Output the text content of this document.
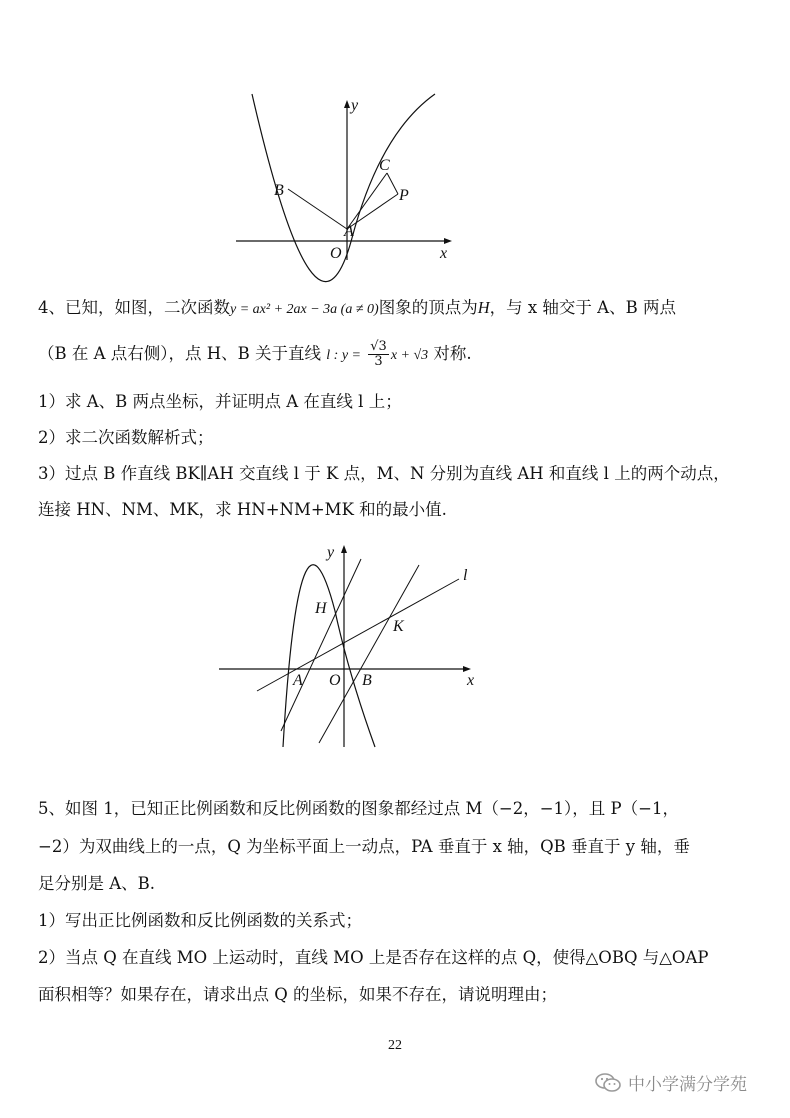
y
x
O
A
B
C
P

4、已知，如图，二次函数y = ax² + 2ax − 3a (a ≠ 0)图象的顶点为H，与 x 轴交于 A、B 两点

（B 在 A 点右侧），点 H、B 关于直线 l : $y = \frac{√3}{3}$ x + √3 对称.

1）求 A、B 两点坐标，并证明点 A 在直线 l 上；

2）求二次函数解析式；

3）过点 B 作直线 BK∥AH 交直线 l 于 K 点，M、N 分别为直线 AH 和直线 l 上的两个动点，

连接 HN、NM、MK，求 HN+NM+MK 和的最小值.

y
x
l
H
K
A O B

5、如图 1，已知正比例函数和反比例函数的图象都经过点 M（−2，−1），且 P（−1，

−2）为双曲线上的一点，Q 为坐标平面上一动点，PA 垂直于 x 轴，QB 垂直于 y 轴，垂

足分别是 A、B.

1）写出正比例函数和反比例函数的关系式；

2）当点 Q 在直线 MO 上运动时，直线 MO 上是否存在这样的点 Q，使得△OBQ 与△OAP

面积相等？如果存在，请求出点 Q 的坐标，如果不存在，请说明理由；

22
中小学满分学苑
